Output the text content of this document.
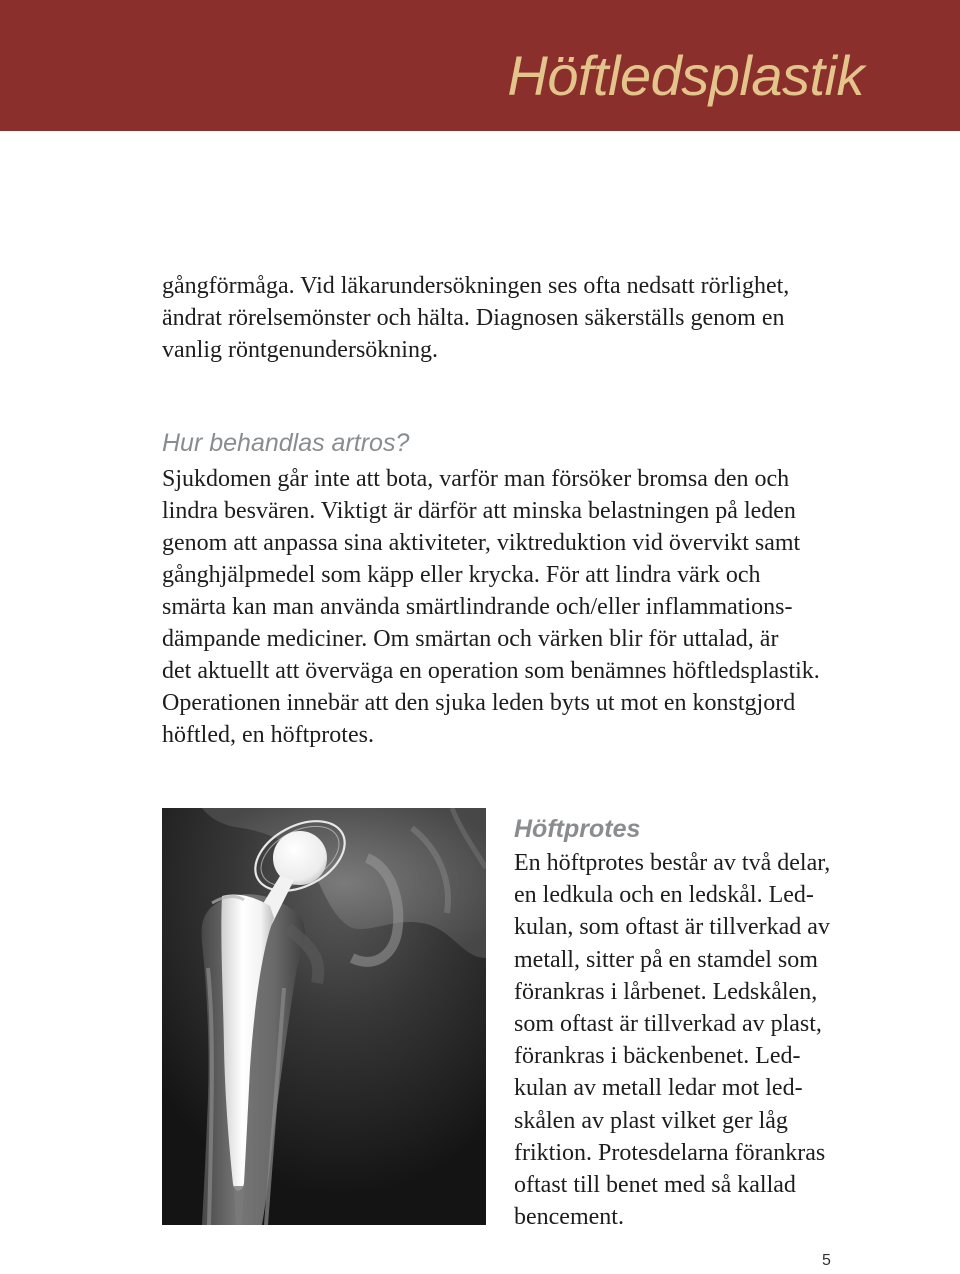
Höftledsplastik
gångförmåga. Vid läkarundersökningen ses ofta nedsatt rörlighet,
ändrat rörelsemönster och hälta. Diagnosen säkerställs genom en
vanlig röntgenundersökning.
Hur behandlas artros?
Sjukdomen går inte att bota, varför man försöker bromsa den och
lindra besvären. Viktigt är därför att minska belastningen på leden
genom att anpassa sina aktiviteter, viktreduktion vid övervikt samt
gånghjälpmedel som käpp eller krycka. För att lindra värk och
smärta kan man använda smärtlindrande och/eller inflammations-
dämpande mediciner. Om smärtan och värken blir för uttalad, är
det aktuellt att överväga en operation som benämnes höftledsplastik.
Operationen innebär att den sjuka leden byts ut mot en konstgjord
höftled, en höftprotes.
Höftprotes
En höftprotes består av två delar,
en ledkula och en ledskål. Led-
kulan, som oftast är tillverkad av
metall, sitter på en stamdel som
förankras i lårbenet. Ledskålen,
som oftast är tillverkad av plast,
förankras i bäckenbenet. Led-
kulan av metall ledar mot led-
skålen av plast vilket ger låg
friktion. Protesdelarna förankras
oftast till benet med så kallad
bencement.
5
